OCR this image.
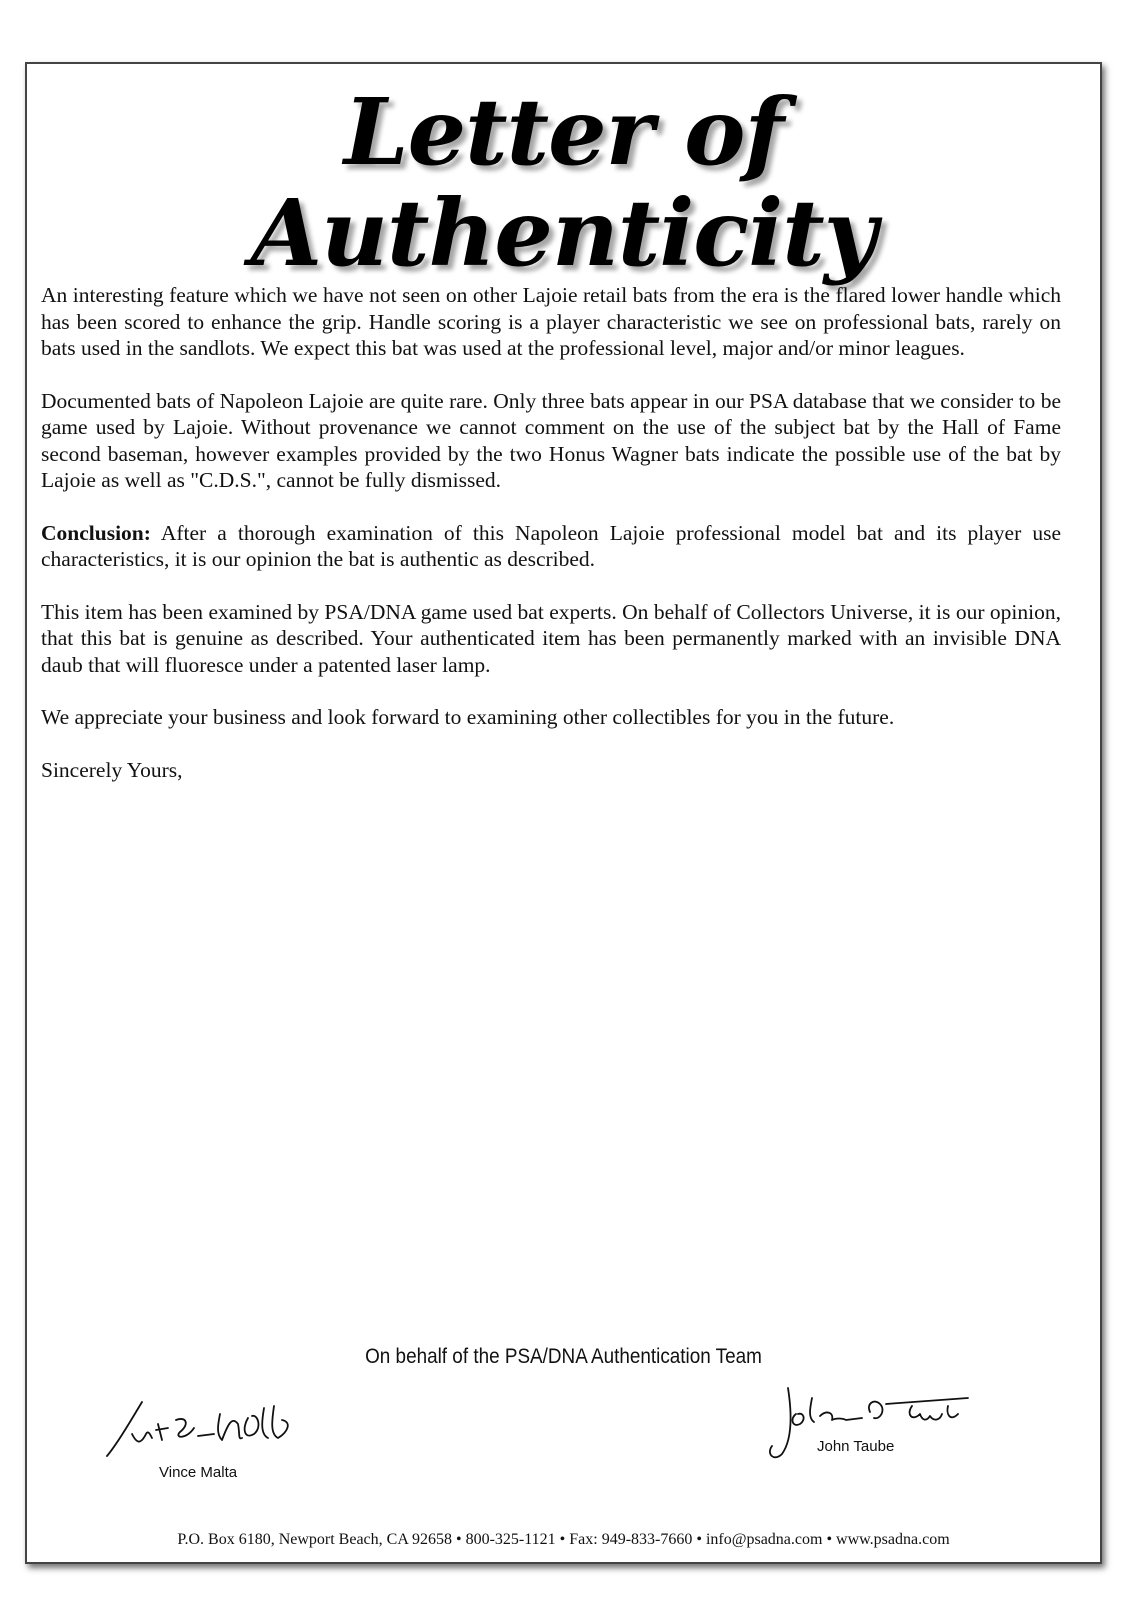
Letter of Authenticity

An interesting feature which we have not seen on other Lajoie retail bats from the era is the flared lower handle which has been scored to enhance the grip. Handle scoring is a player characteristic we see on professional bats, rarely on bats used in the sandlots. We expect this bat was used at the professional level, major and/or minor leagues.

Documented bats of Napoleon Lajoie are quite rare. Only three bats appear in our PSA database that we consider to be game used by Lajoie. Without provenance we cannot comment on the use of the subject bat by the Hall of Fame second baseman, however examples provided by the two Honus Wagner bats indicate the possible use of the bat by Lajoie as well as "C.D.S.", cannot be fully dismissed.

Conclusion: After a thorough examination of this Napoleon Lajoie professional model bat and its player use characteristics, it is our opinion the bat is authentic as described.

This item has been examined by PSA/DNA game used bat experts. On behalf of Collectors Universe, it is our opinion, that this bat is genuine as described. Your authenticated item has been permanently marked with an invisible DNA daub that will fluoresce under a patented laser lamp.

We appreciate your business and look forward to examining other collectibles for you in the future.

Sincerely Yours,

On behalf of the PSA/DNA Authentication Team
Vince Malta
John Taube
P.O. Box 6180, Newport Beach, CA 92658 • 800-325-1121 • Fax: 949-833-7660 • info@psadna.com • www.psadna.com
